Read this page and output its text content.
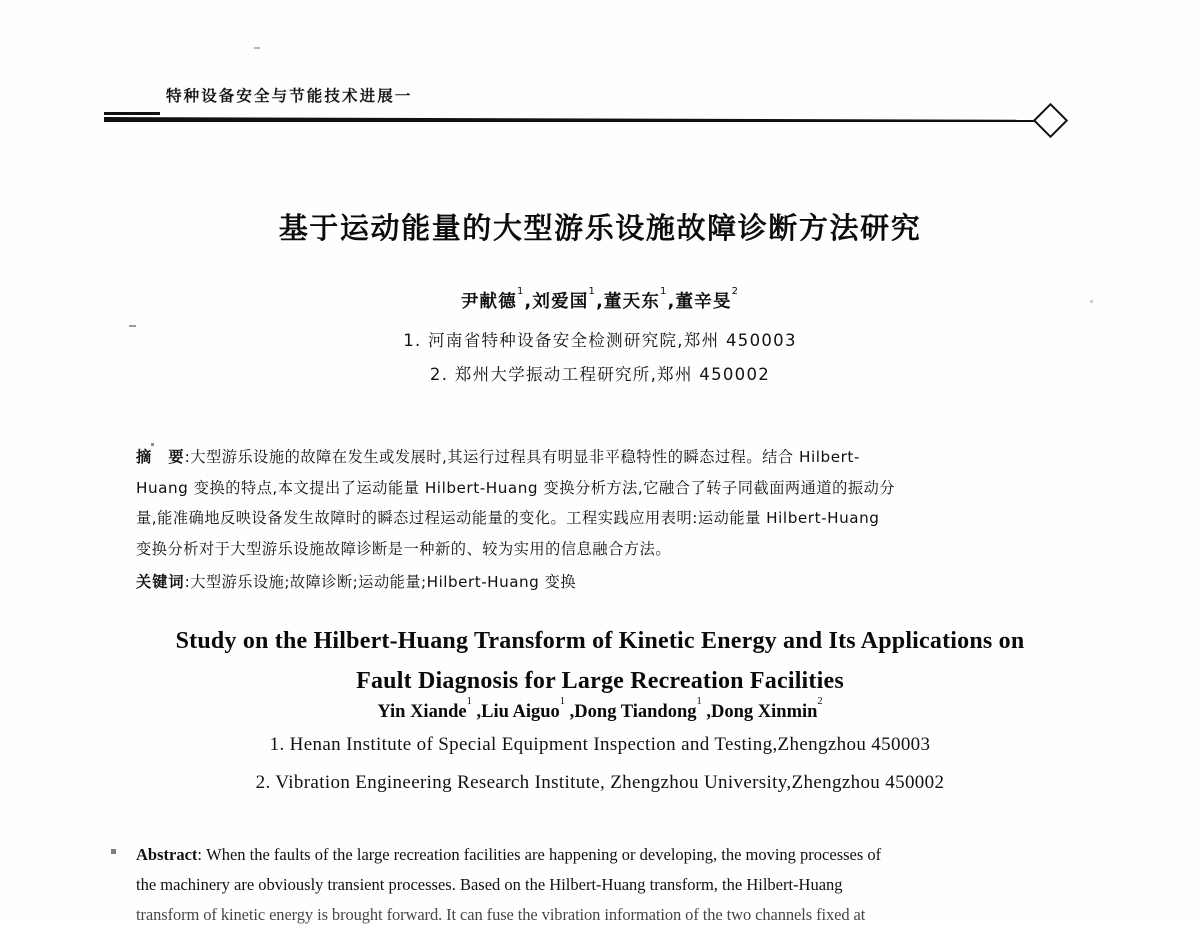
特种设备安全与节能技术进展一
基于运动能量的大型游乐设施故障诊断方法研究
尹献德$^1$,刘爱国$^1$,董天东$^1$,董辛旻$^2$
1. 河南省特种设备安全检测研究院,郑州 450003
2. 郑州大学振动工程研究所,郑州 450002
摘　要:大型游乐设施的故障在发生或发展时,其运行过程具有明显非平稳特性的瞬态过程。结合 Hilbert-
Huang 变换的特点,本文提出了运动能量 Hilbert-Huang 变换分析方法,它融合了转子同截面两通道的振动分
量,能准确地反映设备发生故障时的瞬态过程运动能量的变化。工程实践应用表明:运动能量 Hilbert-Huang
变换分析对于大型游乐设施故障诊断是一种新的、较为实用的信息融合方法。
关键词:大型游乐设施;故障诊断;运动能量;Hilbert-Huang 变换
Study on the Hilbert-Huang Transform of Kinetic Energy and Its Applications on
Fault Diagnosis for Large Recreation Facilities
Yin Xiande$^1$ ,Liu Aiguo$^1$ ,Dong Tiandong$^1$ ,Dong Xinmin$^2$
1. Henan Institute of Special Equipment Inspection and Testing,Zhengzhou 450003
2. Vibration Engineering Research Institute, Zhengzhou University,Zhengzhou 450002
Abstract: When the faults of the large recreation facilities are happening or developing, the moving processes of
the machinery are obviously transient processes. Based on the Hilbert-Huang transform, the Hilbert-Huang
transform of kinetic energy is brought forward. It can fuse the vibration information of the two channels fixed at
